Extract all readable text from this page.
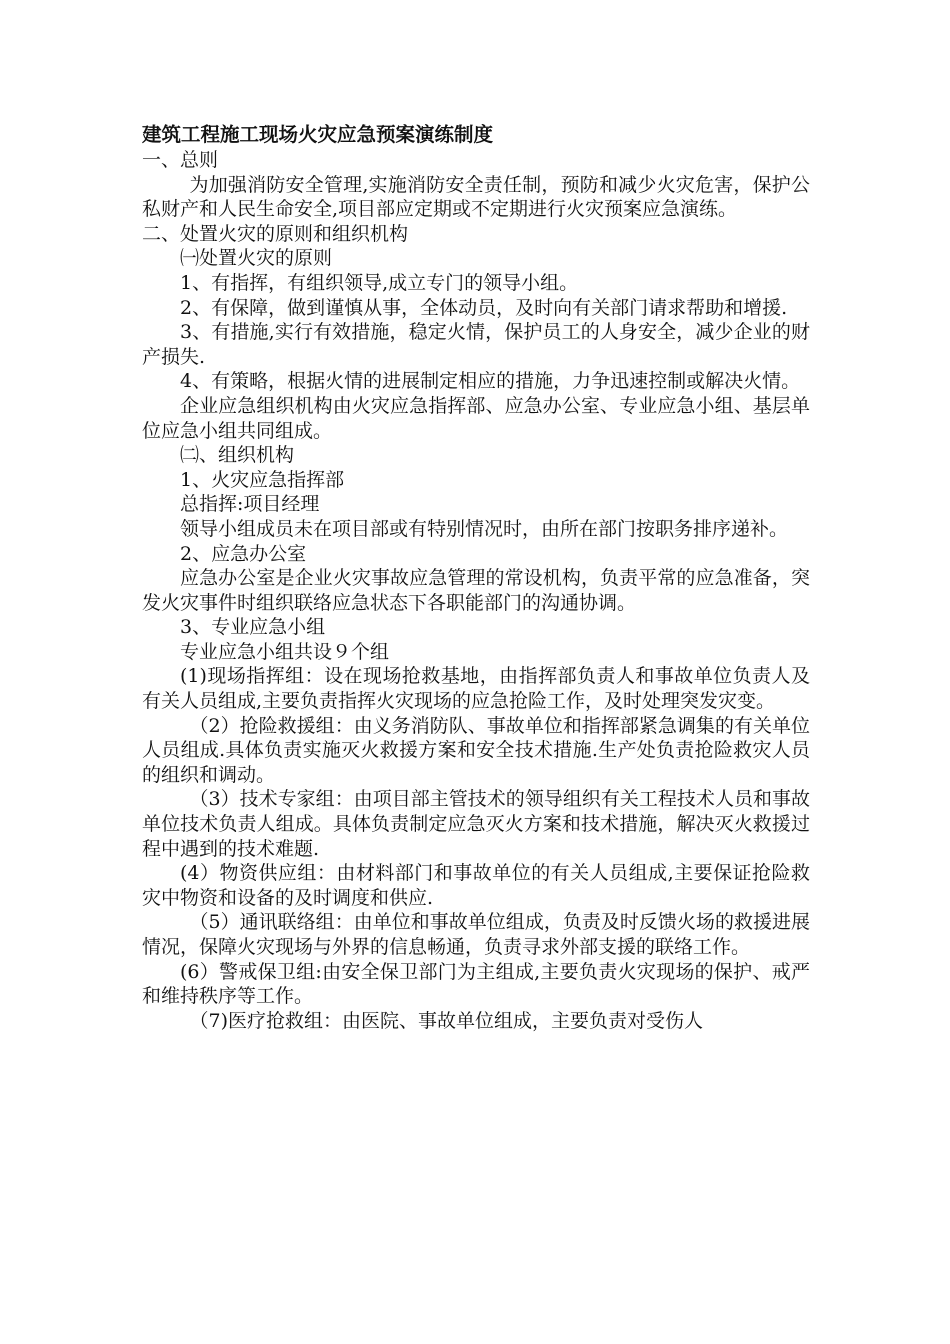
建筑工程施工现场火灾应急预案演练制度

一、总则

为加强消防安全管理,实施消防安全责任制，预防和减少火灾危害，保护公私财产和人民生命安全,项目部应定期或不定期进行火灾预案应急演练。

二、处置火灾的原则和组织机构

㈠处置火灾的原则

1、有指挥，有组织领导,成立专门的领导小组。

2、有保障，做到谨慎从事，全体动员，及时向有关部门请求帮助和增援.

3、有措施,实行有效措施，稳定火情，保护员工的人身安全，减少企业的财产损失.

4、有策略，根据火情的进展制定相应的措施，力争迅速控制或解决火情。

企业应急组织机构由火灾应急指挥部、应急办公室、专业应急小组、基层单位应急小组共同组成。

㈡、组织机构

1、火灾应急指挥部

总指挥:项目经理

领导小组成员未在项目部或有特别情况时，由所在部门按职务排序递补。

2、应急办公室

应急办公室是企业火灾事故应急管理的常设机构，负责平常的应急准备，突发火灾事件时组织联络应急状态下各职能部门的沟通协调。

3、专业应急小组

专业应急小组共设９个组

(1)现场指挥组：设在现场抢救基地，由指挥部负责人和事故单位负责人及有关人员组成,主要负责指挥火灾现场的应急抢险工作，及时处理突发灾变。

（2）抢险救援组：由义务消防队、事故单位和指挥部紧急调集的有关单位人员组成.具体负责实施灭火救援方案和安全技术措施.生产处负责抢险救灾人员的组织和调动。

（3）技术专家组：由项目部主管技术的领导组织有关工程技术人员和事故单位技术负责人组成。具体负责制定应急灭火方案和技术措施，解决灭火救援过程中遇到的技术难题.

(4）物资供应组：由材料部门和事故单位的有关人员组成,主要保证抢险救灾中物资和设备的及时调度和供应.

（5）通讯联络组：由单位和事故单位组成，负责及时反馈火场的救援进展情况，保障火灾现场与外界的信息畅通，负责寻求外部支援的联络工作。

(6）警戒保卫组:由安全保卫部门为主组成,主要负责火灾现场的保护、戒严和维持秩序等工作。

（7)医疗抢救组：由医院、事故单位组成，主要负责对受伤人
